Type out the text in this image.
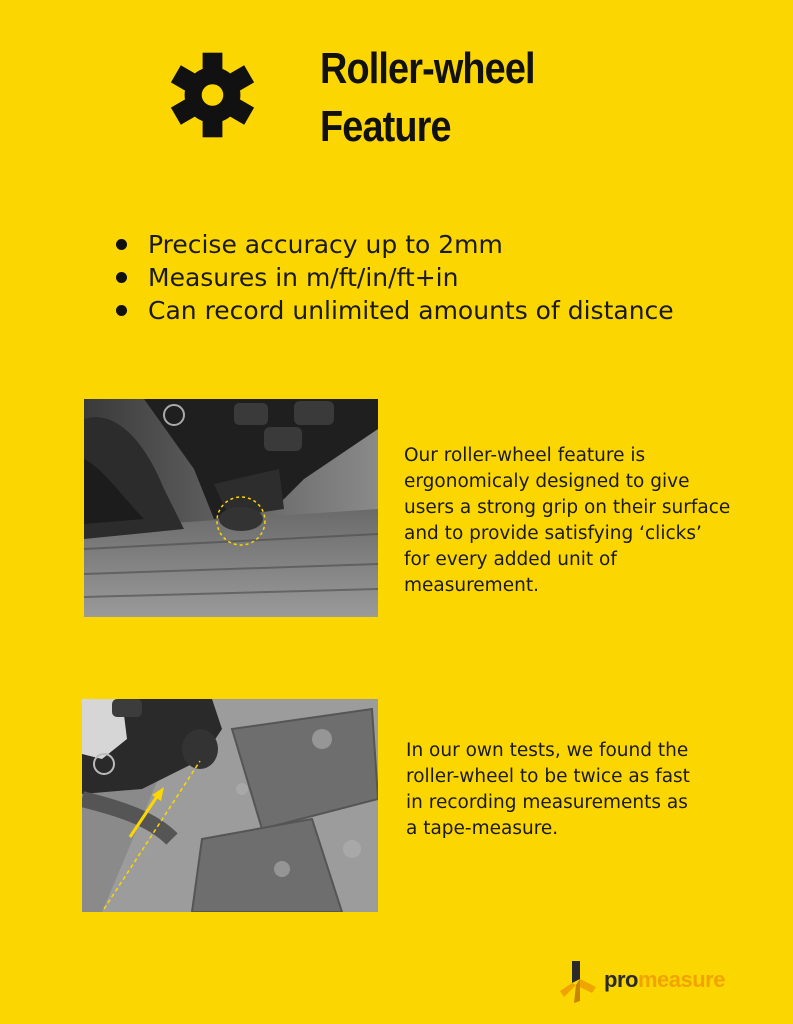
Roller-wheel
Feature
Precise accuracy up to 2mm
Measures in m/ft/in/ft+in
Can record unlimited amounts of distance

Our roller-wheel feature is
ergonomicaly designed to give
users a strong grip on their surface
and to provide satisfying ‘clicks’
for every added unit of
measurement.

In our own tests, we found the
roller-wheel to be twice as fast
in recording measurements as
a tape-measure.

promeasure
